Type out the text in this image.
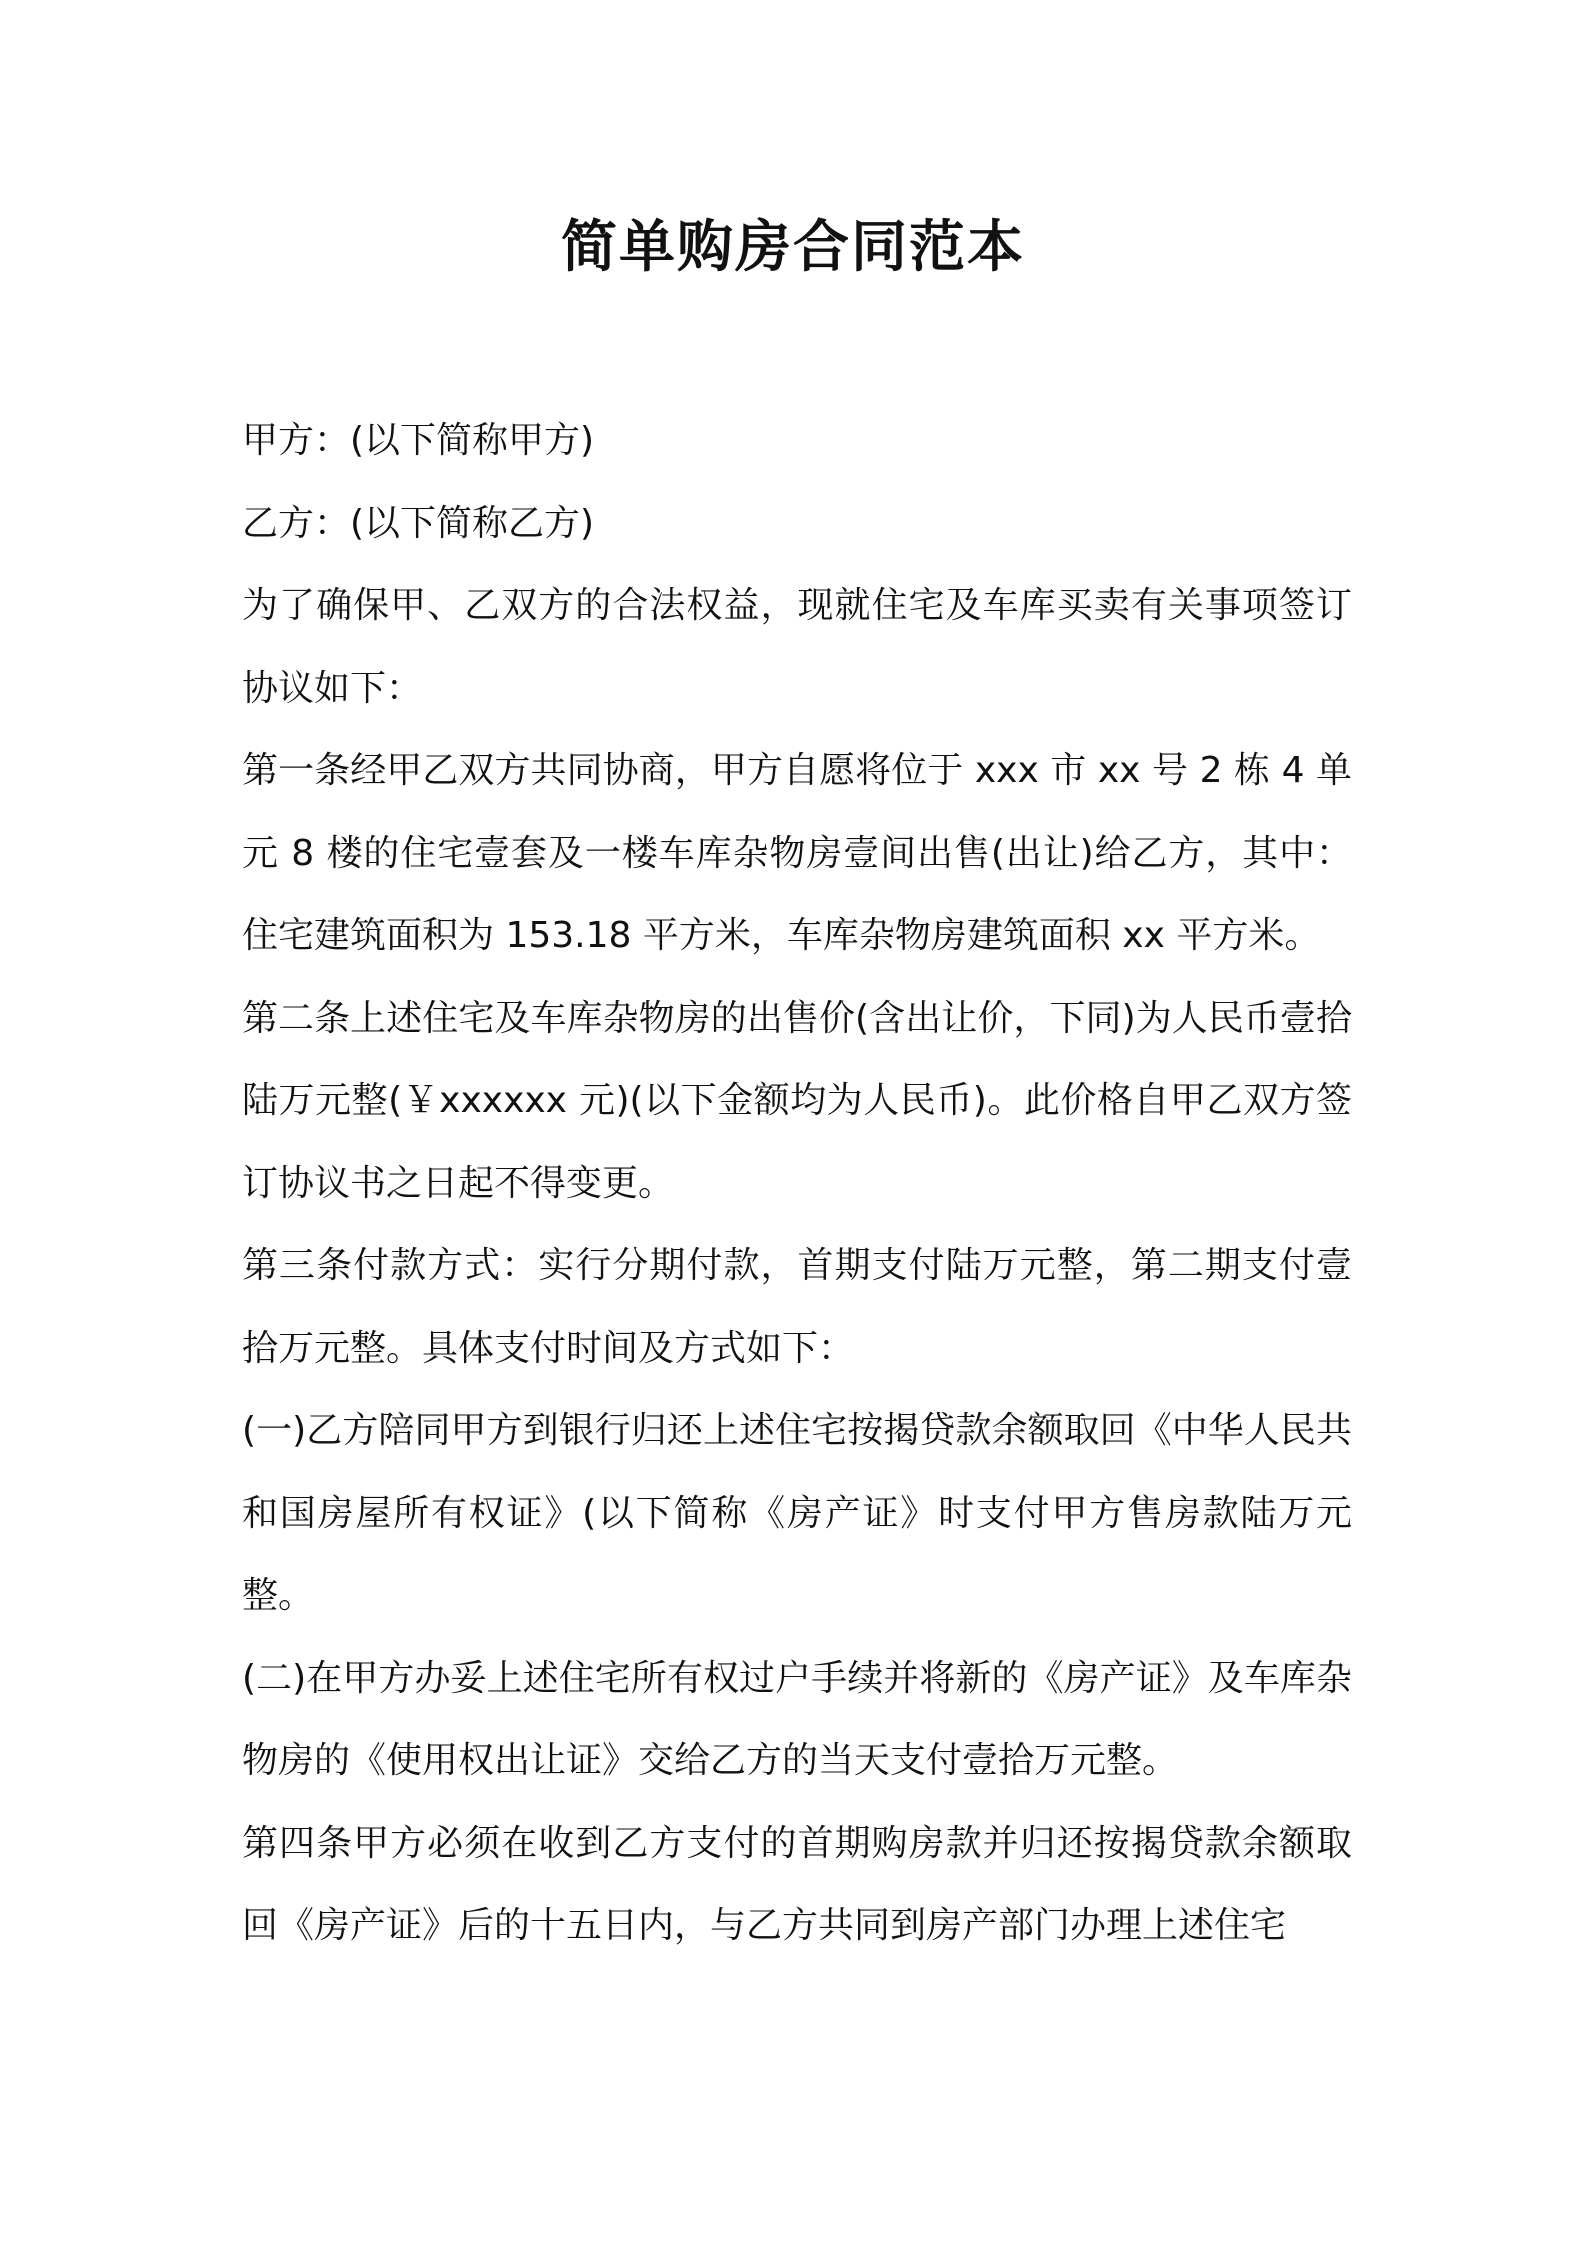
简单购房合同范本

甲方：(以下简称甲方)

乙方：(以下简称乙方)

为了确保甲、乙双方的合法权益，现就住宅及车库买卖有关事项签订协议如下：

第一条经甲乙双方共同协商，甲方自愿将位于 xxx 市 xx 号 2 栋 4 单元 8 楼的住宅壹套及一楼车库杂物房壹间出售(出让)给乙方，其中：住宅建筑面积为 153.18 平方米，车库杂物房建筑面积 xx 平方米。

第二条上述住宅及车库杂物房的出售价(含出让价，下同)为人民币壹拾陆万元整(￥xxxxxx 元)(以下金额均为人民币)。此价格自甲乙双方签订协议书之日起不得变更。

第三条付款方式：实行分期付款，首期支付陆万元整，第二期支付壹拾万元整。具体支付时间及方式如下：

(一)乙方陪同甲方到银行归还上述住宅按揭贷款余额取回《中华人民共和国房屋所有权证》(以下简称《房产证》时支付甲方售房款陆万元整。

(二)在甲方办妥上述住宅所有权过户手续并将新的《房产证》及车库杂物房的《使用权出让证》交给乙方的当天支付壹拾万元整。

第四条甲方必须在收到乙方支付的首期购房款并归还按揭贷款余额取回《房产证》后的十五日内，与乙方共同到房产部门办理上述住宅
